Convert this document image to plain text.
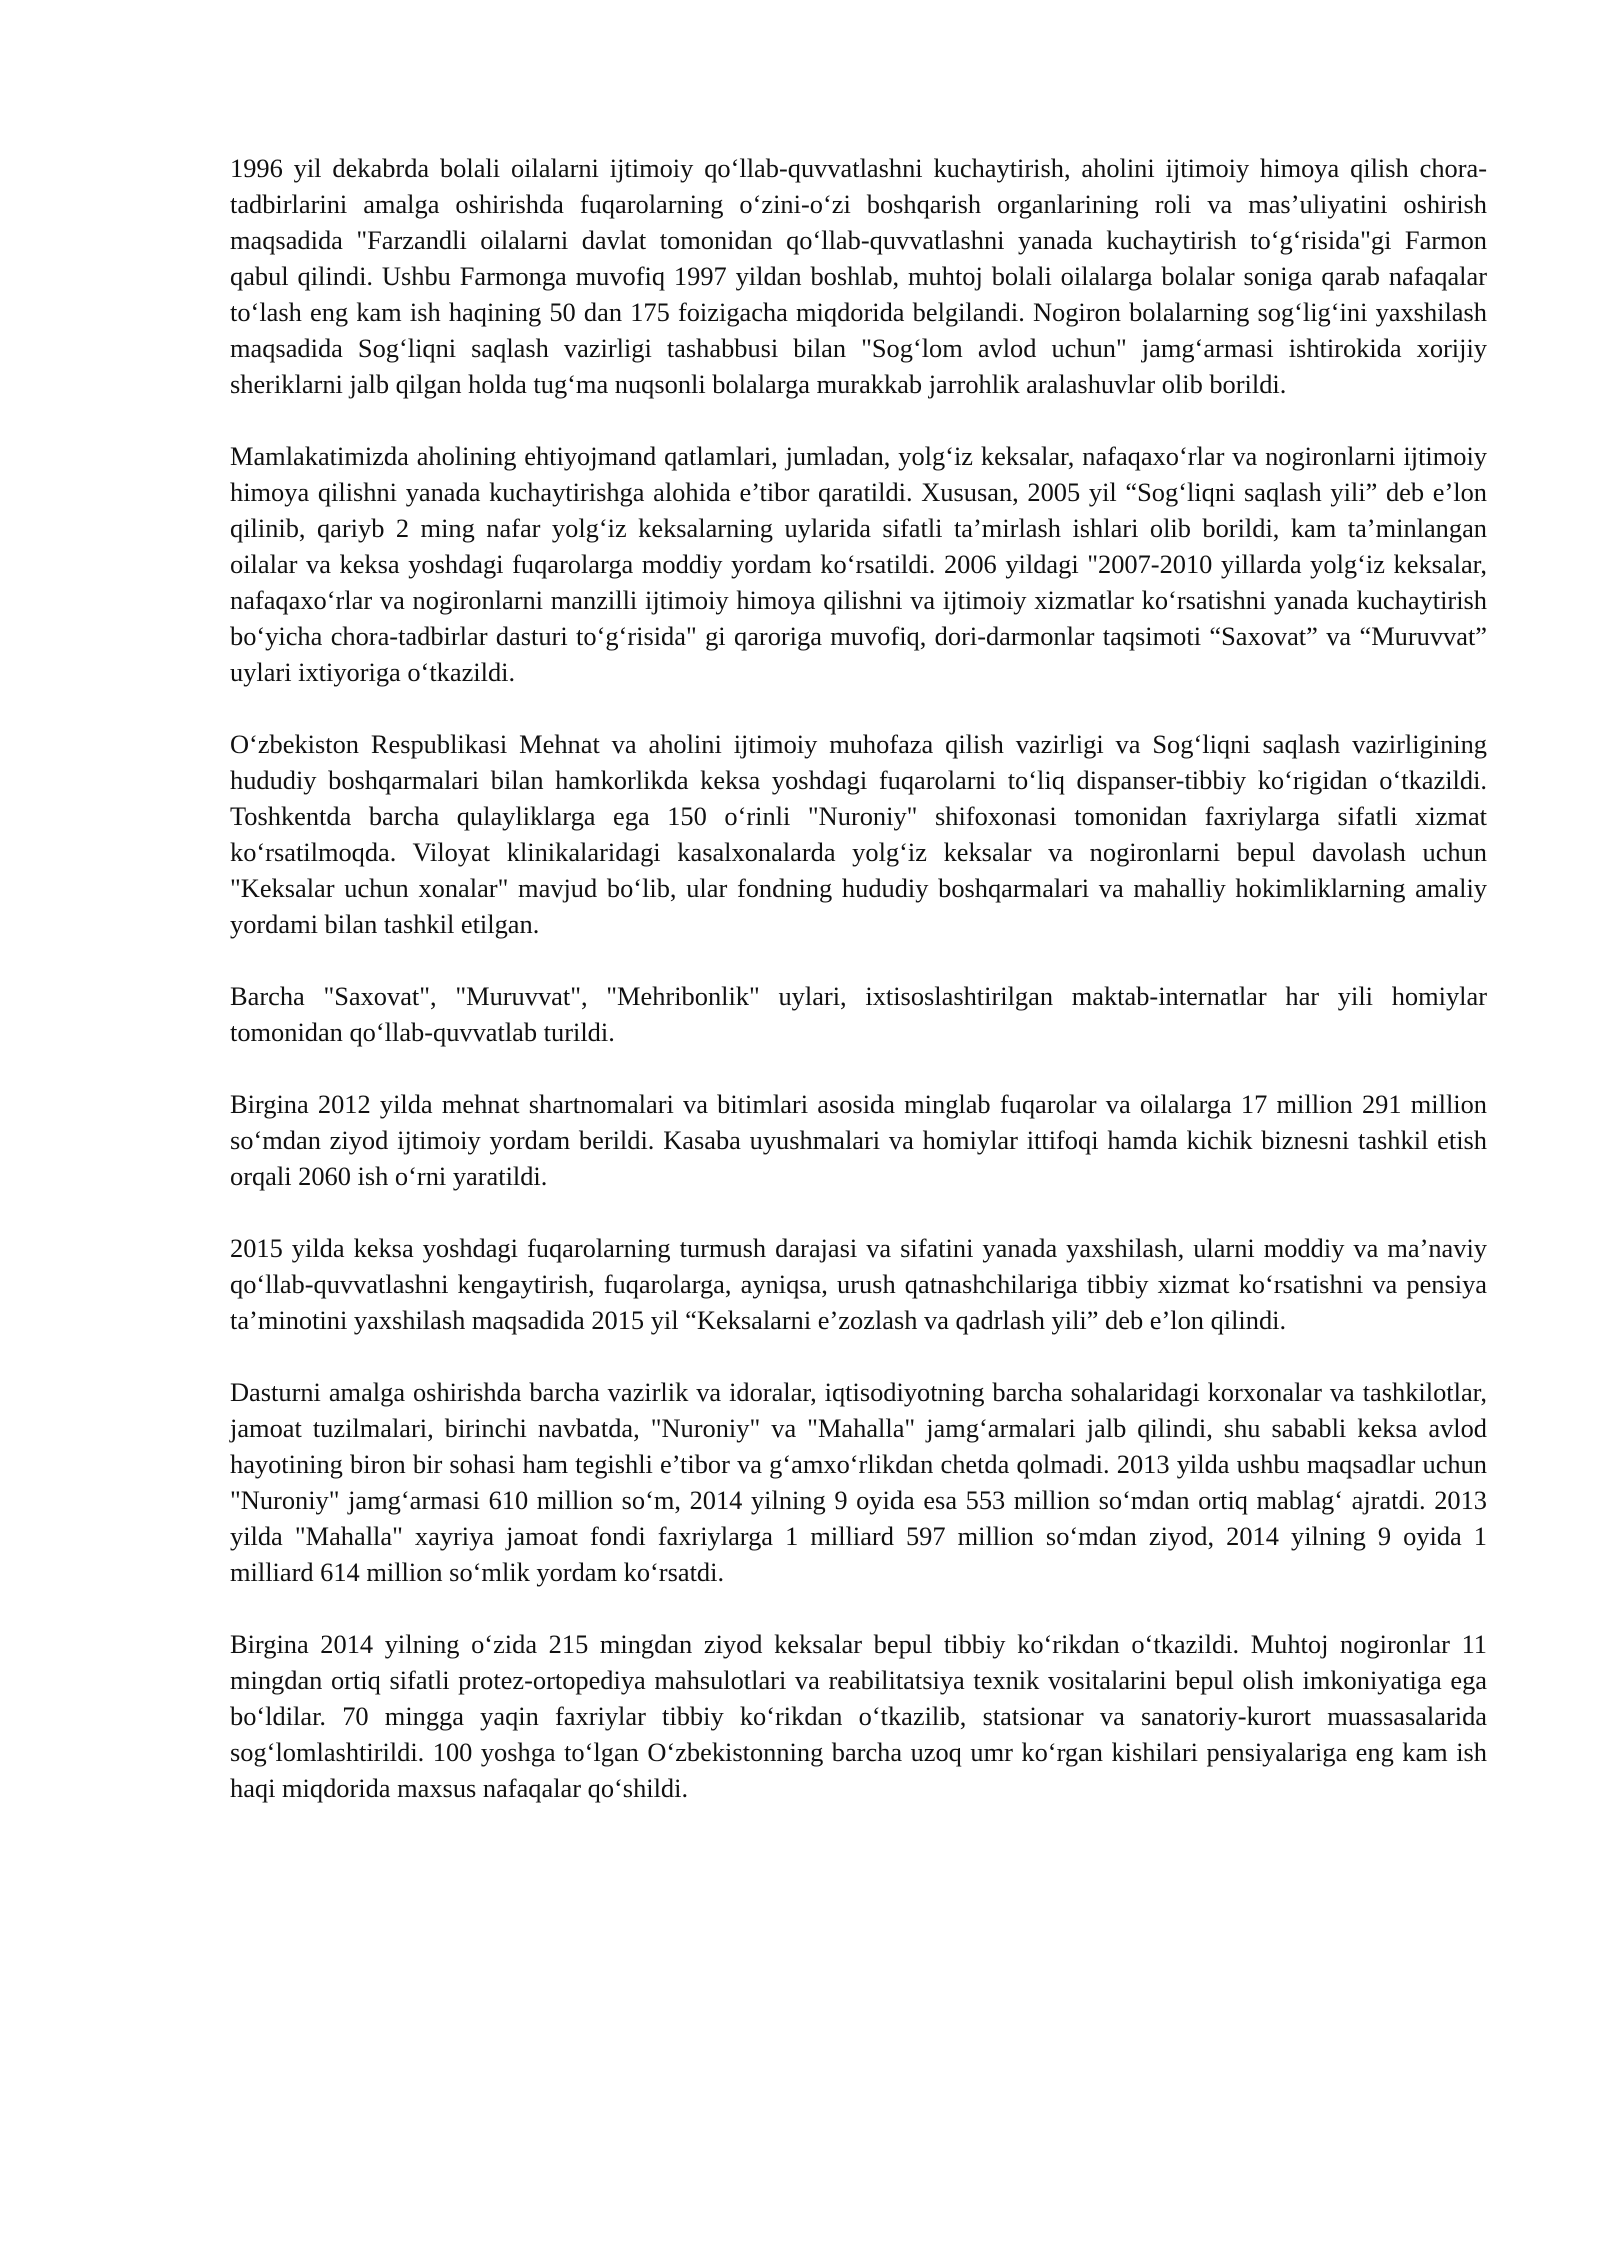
1996 yil dekabrda bolali oilalarni ijtimoiy qo‘llab-quvvatlashni kuchaytirish, aholini ijtimoiy himoya qilish chora-tadbirlarini amalga oshirishda fuqarolarning o‘zini-o‘zi boshqarish organlarining roli va mas’uliyatini oshirish maqsadida "Farzandli oilalarni davlat tomonidan qo‘llab-quvvatlashni yanada kuchaytirish to‘g‘risida"gi Farmon qabul qilindi. Ushbu Farmonga muvofiq 1997 yildan boshlab, muhtoj bolali oilalarga bolalar soniga qarab nafaqalar to‘lash eng kam ish haqining 50 dan 175 foizigacha miqdorida belgilandi. Nogiron bolalarning sog‘lig‘ini yaxshilash maqsadida Sog‘liqni saqlash vazirligi tashabbusi bilan "Sog‘lom avlod uchun" jamg‘armasi ishtirokida xorijiy sheriklarni jalb qilgan holda tug‘ma nuqsonli bolalarga murakkab jarrohlik aralashuvlar olib borildi.

Mamlakatimizda aholining ehtiyojmand qatlamlari, jumladan, yolg‘iz keksalar, nafaqaxo‘rlar va nogironlarni ijtimoiy himoya qilishni yanada kuchaytirishga alohida e’tibor qaratildi. Xususan, 2005 yil “Sog‘liqni saqlash yili” deb e’lon qilinib, qariyb 2 ming nafar yolg‘iz keksalarning uylarida sifatli ta’mirlash ishlari olib borildi, kam ta’minlangan oilalar va keksa yoshdagi fuqarolarga moddiy yordam ko‘rsatildi. 2006 yildagi "2007-2010 yillarda yolg‘iz keksalar, nafaqaxo‘rlar va nogironlarni manzilli ijtimoiy himoya qilishni va ijtimoiy xizmatlar ko‘rsatishni yanada kuchaytirish bo‘yicha chora-tadbirlar dasturi to‘g‘risida" gi qaroriga muvofiq, dori-darmonlar taqsimoti “Saxovat” va “Muruvvat” uylari ixtiyoriga o‘tkazildi.

O‘zbekiston Respublikasi Mehnat va aholini ijtimoiy muhofaza qilish vazirligi va Sog‘liqni saqlash vazirligining hududiy boshqarmalari bilan hamkorlikda keksa yoshdagi fuqarolarni to‘liq dispanser-tibbiy ko‘rigidan o‘tkazildi. Toshkentda barcha qulayliklarga ega 150 o‘rinli "Nuroniy" shifoxonasi tomonidan faxriylarga sifatli xizmat ko‘rsatilmoqda. Viloyat klinikalaridagi kasalxonalarda yolg‘iz keksalar va nogironlarni bepul davolash uchun "Keksalar uchun xonalar" mavjud bo‘lib, ular fondning hududiy boshqarmalari va mahalliy hokimliklarning amaliy yordami bilan tashkil etilgan.

Barcha "Saxovat", "Muruvvat", "Mehribonlik" uylari, ixtisoslashtirilgan maktab-internatlar har yili homiylar tomonidan qo‘llab-quvvatlab turildi.

Birgina 2012 yilda mehnat shartnomalari va bitimlari asosida minglab fuqarolar va oilalarga 17 million 291 million so‘mdan ziyod ijtimoiy yordam berildi. Kasaba uyushmalari va homiylar ittifoqi hamda kichik biznesni tashkil etish orqali 2060 ish o‘rni yaratildi.

2015 yilda keksa yoshdagi fuqarolarning turmush darajasi va sifatini yanada yaxshilash, ularni moddiy va ma’naviy qo‘llab-quvvatlashni kengaytirish, fuqarolarga, ayniqsa, urush qatnashchilariga tibbiy xizmat ko‘rsatishni va pensiya ta’minotini yaxshilash maqsadida 2015 yil “Keksalarni e’zozlash va qadrlash yili” deb e’lon qilindi.

Dasturni amalga oshirishda barcha vazirlik va idoralar, iqtisodiyotning barcha sohalaridagi korxonalar va tashkilotlar, jamoat tuzilmalari, birinchi navbatda, "Nuroniy" va "Mahalla" jamg‘armalari jalb qilindi, shu sababli keksa avlod hayotining biron bir sohasi ham tegishli e’tibor va g‘amxo‘rlikdan chetda qolmadi. 2013 yilda ushbu maqsadlar uchun "Nuroniy" jamg‘armasi 610 million so‘m, 2014 yilning 9 oyida esa 553 million so‘mdan ortiq mablag‘ ajratdi. 2013 yilda "Mahalla" xayriya jamoat fondi faxriylarga 1 milliard 597 million so‘mdan ziyod, 2014 yilning 9 oyida 1 milliard 614 million so‘mlik yordam ko‘rsatdi.

Birgina 2014 yilning o‘zida 215 mingdan ziyod keksalar bepul tibbiy ko‘rikdan o‘tkazildi. Muhtoj nogironlar 11 mingdan ortiq sifatli protez-ortopediya mahsulotlari va reabilitatsiya texnik vositalarini bepul olish imkoniyatiga ega bo‘ldilar. 70 mingga yaqin faxriylar tibbiy ko‘rikdan o‘tkazilib, statsionar va sanatoriy-kurort muassasalarida sog‘lomlashtirildi. 100 yoshga to‘lgan O‘zbekistonning barcha uzoq umr ko‘rgan kishilari pensiyalariga eng kam ish haqi miqdorida maxsus nafaqalar qo‘shildi.
